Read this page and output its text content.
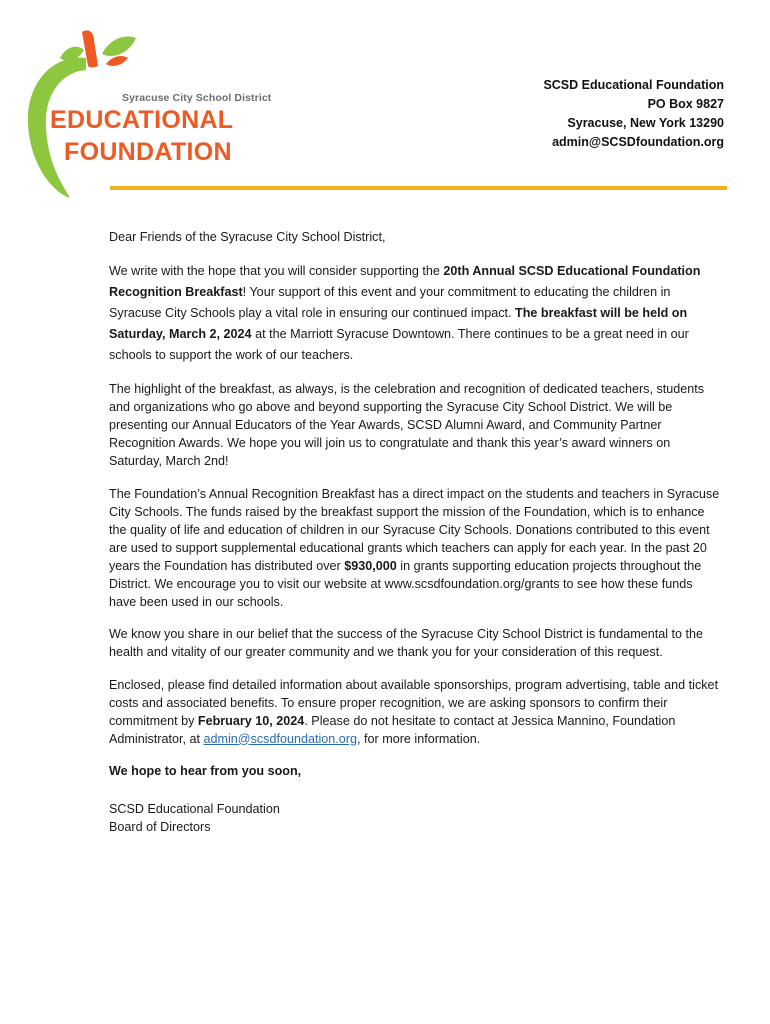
Syracuse City School District
EDUCATIONAL
FOUNDATION
SCSD Educational Foundation
PO Box 9827
Syracuse, New York 13290
admin@SCSDfoundation.org

Dear Friends of the Syracuse City School District,

We write with the hope that you will consider supporting the 20th Annual SCSD Educational Foundation Recognition Breakfast! Your support of this event and your commitment to educating the children in Syracuse City Schools play a vital role in ensuring our continued impact. The breakfast will be held on Saturday, March 2, 2024 at the Marriott Syracuse Downtown. There continues to be a great need in our schools to support the work of our teachers.

The highlight of the breakfast, as always, is the celebration and recognition of dedicated teachers, students and organizations who go above and beyond supporting the Syracuse City School District. We will be presenting our Annual Educators of the Year Awards, SCSD Alumni Award, and Community Partner Recognition Awards. We hope you will join us to congratulate and thank this year’s award winners on Saturday, March 2nd!

The Foundation’s Annual Recognition Breakfast has a direct impact on the students and teachers in Syracuse City Schools. The funds raised by the breakfast support the mission of the Foundation, which is to enhance the quality of life and education of children in our Syracuse City Schools. Donations contributed to this event are used to support supplemental educational grants which teachers can apply for each year. In the past 20 years the Foundation has distributed over $930,000 in grants supporting education projects throughout the District. We encourage you to visit our website at www.scsdfoundation.org/grants to see how these funds have been used in our schools.

We know you share in our belief that the success of the Syracuse City School District is fundamental to the health and vitality of our greater community and we thank you for your consideration of this request.

Enclosed, please find detailed information about available sponsorships, program advertising, table and ticket costs and associated benefits. To ensure proper recognition, we are asking sponsors to confirm their commitment by February 10, 2024. Please do not hesitate to contact at Jessica Mannino, Foundation Administrator, at admin@scsdfoundation.org, for more information.

We hope to hear from you soon,

SCSD Educational Foundation
Board of Directors
